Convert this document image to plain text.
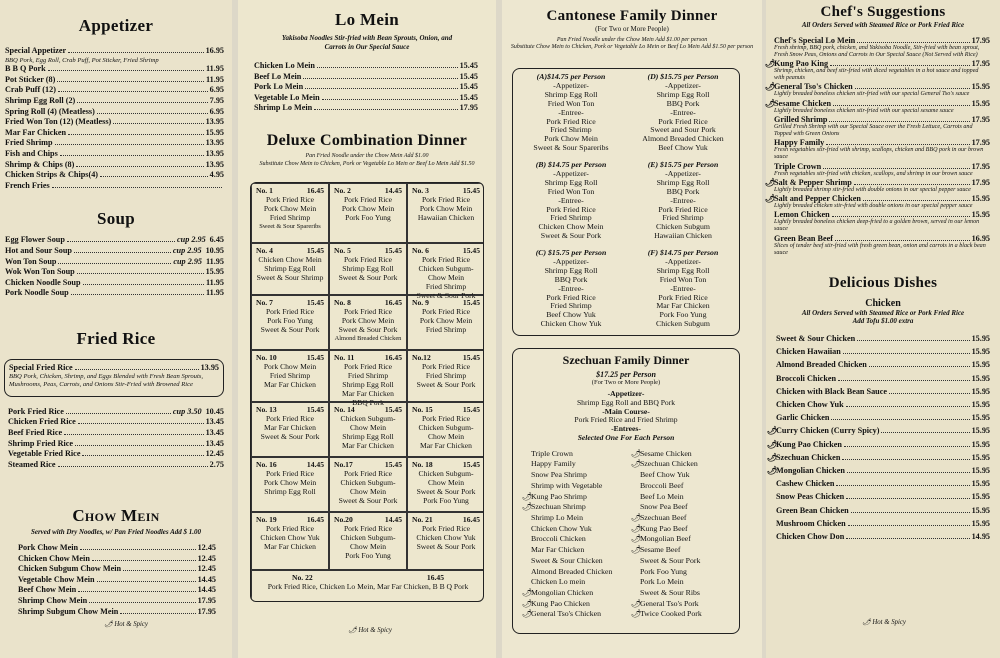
Appetizer
Special Appetizer	16.95
BBQ Pork, Egg Roll, Crab Puff, Pot Sticker, Fried Shrimp
B B Q Pork	11.95
Pot Sticker (8)	11.95
Crab Puff (12)	6.95
Shrimp Egg Roll (2)	7.95
Spring Roll (4) (Meatless)	6.95
Fried Won Ton (12) (Meatless)	13.95
Mar Far Chicken	15.95
Fried Shrimp	13.95
Fish and Chips	13.95
Shrimp & Chips (8)	13.95
Chicken Strips & Chips(4)	4.95
French Fries
Soup
Egg Flower Soup	cup 2.95 6.45
Hot and Sour Soup	cup 2.95 10.95
Won Ton Soup	cup 2.95 11.95
Wok Won Ton Soup	15.95
Chicken Noodle Soup	11.95
Pork Noodle Soup	11.95
Fried Rice
Special Fried Rice	13.95
BBQ Pork, Chicken, Shrimp, and Eggs Blended with Fresh Bean Sprouts, Mushrooms, Peas, Carrots, and Onions Stir-Fried with Browned Rice
Pork Fried Rice	cup 3.50 10.45
Chicken Fried Rice	13.45
Beef Fried Rice	13.45
Shrimp Fried Rice	13.45
Vegetable Fried Rice	12.45
Steamed Rice	2.75
Chow Mein
Served with Dry Noodles, w/ Pan Fried Noodles Add $ 1.00
Pork Chow Mein	12.45
Chicken Chow Mein	12.45
Chicken Subgum Chow Mein	12.45
Vegetable Chow Mein	14.45
Beef Chow Mein	14.45
Shrimp Chow Mein	17.95
Shrimp Subgum Chow Mein	17.95
🌶 Hot & Spicy
Lo Mein
Yakisoba Noodles Stir-fried with Bean Sprouts, Onion, and Carrots in Our Special Sauce
Chicken Lo Mein	15.45
Beef Lo Mein	15.45
Pork Lo Mein	15.45
Vegetable Lo Mein	15.45
Shrimp Lo Mein	17.95
Deluxe Combination Dinner
Pan Fried Noodle under the Chow Mein Add $1.00
Substitute Chow Mein to Chicken, Pork or Vegetable Lo Mein or Beef Lo Mein Add $1.50
No. 1	16.45
Pork Fried Rice
Pork Chow Mein
Fried Shrimp
Sweet & Sour Spareribs
No. 2	14.45
Pork Fried Rice
Pork Chow Mein
Pork Foo Yung
No. 3	15.45
Pork Fried Rice
Pork Chow Mein
Hawaiian Chicken
No. 4	15.45
Chicken Chow Mein
Shrimp Egg Roll
Sweet & Sour Shrimp
No. 5	15.45
Pork Fried Rice
Shrimp Egg Roll
Sweet & Sour Pork
No. 6	15.45
Pork Fried Rice
Chicken Subgum-
Chow Mein
Fried Shrimp
Sweet & Sour Pork
No. 7	15.45
Pork Fried Rice
Pork Foo Yung
Sweet & Sour Pork
No. 8	16.45
Pork Fried Rice
Pork Chow Mein
Sweet & Sour Pork
Almond Breaded Chicken
No. 9	15.45
Pork Fried Rice
Pork Chow Mein
Fried Shrimp
No. 10	15.45
Pork Chow Mein
Fried Shrimp
Mar Far Chicken
No. 11	16.45
Pork Fried Rice
Fried Shrimp
Shrimp Egg Roll
Mar Far Chicken
BBQ Pork
No.12	15.45
Pork Fried Rice
Fried Shrimp
Sweet & Sour Pork
No. 13	15.45
Pork Fried Rice
Mar Far Chicken
Sweet & Sour Pork
No. 14	15.45
Chicken Subgum-
Chow Mein
Shrimp Egg Roll
Mar Far Chicken
No. 15	15.45
Pork Fried Rice
Chicken Subgum-
Chow Mein
Mar Far Chicken
No. 16	14.45
Pork Fried Rice
Pork Chow Mein
Shrimp Egg Roll
No.17	15.45
Pork Fried Rice
Chicken Subgum-
Chow Mein
Sweet & Sour Pork
No. 18	15.45
Chicken Subgum-
Chow Mein
Sweet & Sour Pork
Pork Foo Yung
No. 19	16.45
Pork Fried Rice
Chicken Chow Yuk
Mar Far Chicken
No.20	14.45
Pork Fried Rice
Chicken Subgum-
Chow Mein
Pork Foo Yung
No. 21	16.45
Pork Fried Rice
Chicken Chow Yuk
Sweet & Sour Pork
No. 22	16.45
Pork Fried Rice, Chicken Lo Mein, Mar Far Chicken, B B Q Pork
🌶 Hot & Spicy
Cantonese Family Dinner
(For Two or More People)
Pan Fried Noodle under the Chow Mein Add $1.00 per person
Substitute Chow Mein to Chicken, Pork or Vegetable Lo Mein or Beef Lo Mein Add $1.50 per person
(A)$14.75 per Person
-Appetizer-
Shrimp Egg Roll
Fried Won Ton
-Entree-
Pork Fried Rice
Fried Shrimp
Pork Chow Mein
Sweet & Sour Spareribs
(D) $15.75 per Person
-Appetizer-
Shrimp Egg Roll
BBQ Pork
-Entree-
Pork Fried Rice
Sweet and Sour Pork
Almond Breaded Chicken
Beef Chow Yuk
(B) $14.75 per Person
-Appetizer-
Shrimp Egg Roll
Fried Won Ton
-Entree-
Pork Fried Rice
Fried Shrimp
Chicken Chow Mein
Sweet & Sour Pork
(E) $15.75 per Person
-Appetizer-
Shrimp Egg Roll
BBQ Pork
-Entree-
Pork Fried Rice
Fried Shrimp
Chicken Subgum
Hawaiian Chicken
(C) $15.75 per Person
-Appetizer-
Shrimp Egg Roll
BBQ Pork
-Entree-
Pork Fried Rice
Fried Shrimp
Beef Chow Yuk
Chicken Chow Yuk
(F) $14.75 per Person
-Appetizer-
Shrimp Egg Roll
Fried Won Ton
-Entree-
Pork Fried Rice
Mar Far Chicken
Pork Foo Yung
Chicken Subgum
Szechuan Family Dinner
$17.25 per Person
(For Two or More People)
-Appetizer-
Shrimp Egg Roll and BBQ Pork
-Main Course-
Pork Fried Rice and Fried Shrimp
-Entrees-
Selected One For Each Person
Triple Crown
Happy Family
Snow Pea Shrimp
Shrimp with Vegetable
🌶Kung Pao Shrimp
🌶Szechuan Shrimp
Shrimp Lo Mein
Chicken Chow Yuk
Broccoli Chicken
Mar Far Chicken
Sweet & Sour Chicken
Almond Breaded Chicken
Chicken Lo mein
🌶Mongolian Chicken
🌶Kung Pao Chicken
🌶General Tso's Chicken
🌶Sesame Chicken
🌶Szechuan Chicken
Beef Chow Yuk
Broccoli Beef
Beef Lo Mein
Snow Pea Beef
🌶Szechuan Beef
🌶Kung Pao Beef
🌶Mongolian Beef
🌶Sesame Beef
Sweet & Sour Pork
Pork Foo Yung
Pork Lo Mein
Sweet & Sour Ribs
🌶General Tso's Pork
🌶Twice Cooked Pork
Chef's Suggestions
All Orders Served with Steamed Rice or Pork Fried Rice
Chef's Special Lo Mein	17.95
Fresh shrimp, BBQ pork, chicken, and Yakisoba Noodle, Stir-fried with bean sprout, Fresh Snow Peas, Onions and Carrots in Our Special Sauce (Not Served with Rice)
🌶
Kung Pao King	17.95
Shrimp, chicken, and beef stir-fried with diced vegetables in a hot sauce and topped with peanuts
🌶
General Tso's Chicken	15.95
Lightly breaded boneless chicken stir-fried with our special General Tso's sauce
🌶
Sesame Chicken	15.95
Lightly breaded boneless chicken stir-fried with our special sesame sauce
Grilled Shrimp	17.95
Grilled Fresh Shrimp with our Special Sauce over the Fresh Lettuce, Carrots and Topped with Green Onions
Happy Family	17.95
Fresh vegetables stir-fried with shrimp, scallops, chicken and BBQ pork in our brown sauce
Triple Crown	17.95
Fresh vegetables stir-fried with chicken, scallops, and shrimp in our brown sauce
🌶
Salt & Pepper Shrimp	17.95
Lightly breaded shrimp stir-fried with double onions in our special pepper sauce
🌶
Salt and Pepper Chicken	15.95
Lightly breaded chicken stir-fried with double onions in our special pepper sauce
Lemon Chicken	15.95
Lightly breaded boneless chicken deep-fried to a golden brown, served in our lemon sauce
Green Bean Beef	16.95
Slices of tender beef stir-fried with fresh green bean, onion and carrots in a black bean sauce
Delicious Dishes
Chicken
All Orders Served with Steamed Rice or Pork Fried Rice
Add Tofu $1.00 extra
Sweet & Sour Chicken	15.95
Chicken Hawaiian	15.95
Almond Breaded Chicken	15.95
Broccoli Chicken	15.95
Chicken with Black Bean Sauce	15.95
Chicken Chow Yuk	15.95
Garlic Chicken	15.95
🌶
Curry Chicken (Curry Spicy)	15.95
🌶
Kung Pao Chicken	15.95
🌶
Szechuan Chicken	15.95
🌶
Mongolian Chicken	15.95
Cashew Chicken	15.95
Snow Peas Chicken	15.95
Green Bean Chicken	15.95
Mushroom Chicken	15.95
Chicken Chow Don	14.95
🌶 Hot & Spicy
